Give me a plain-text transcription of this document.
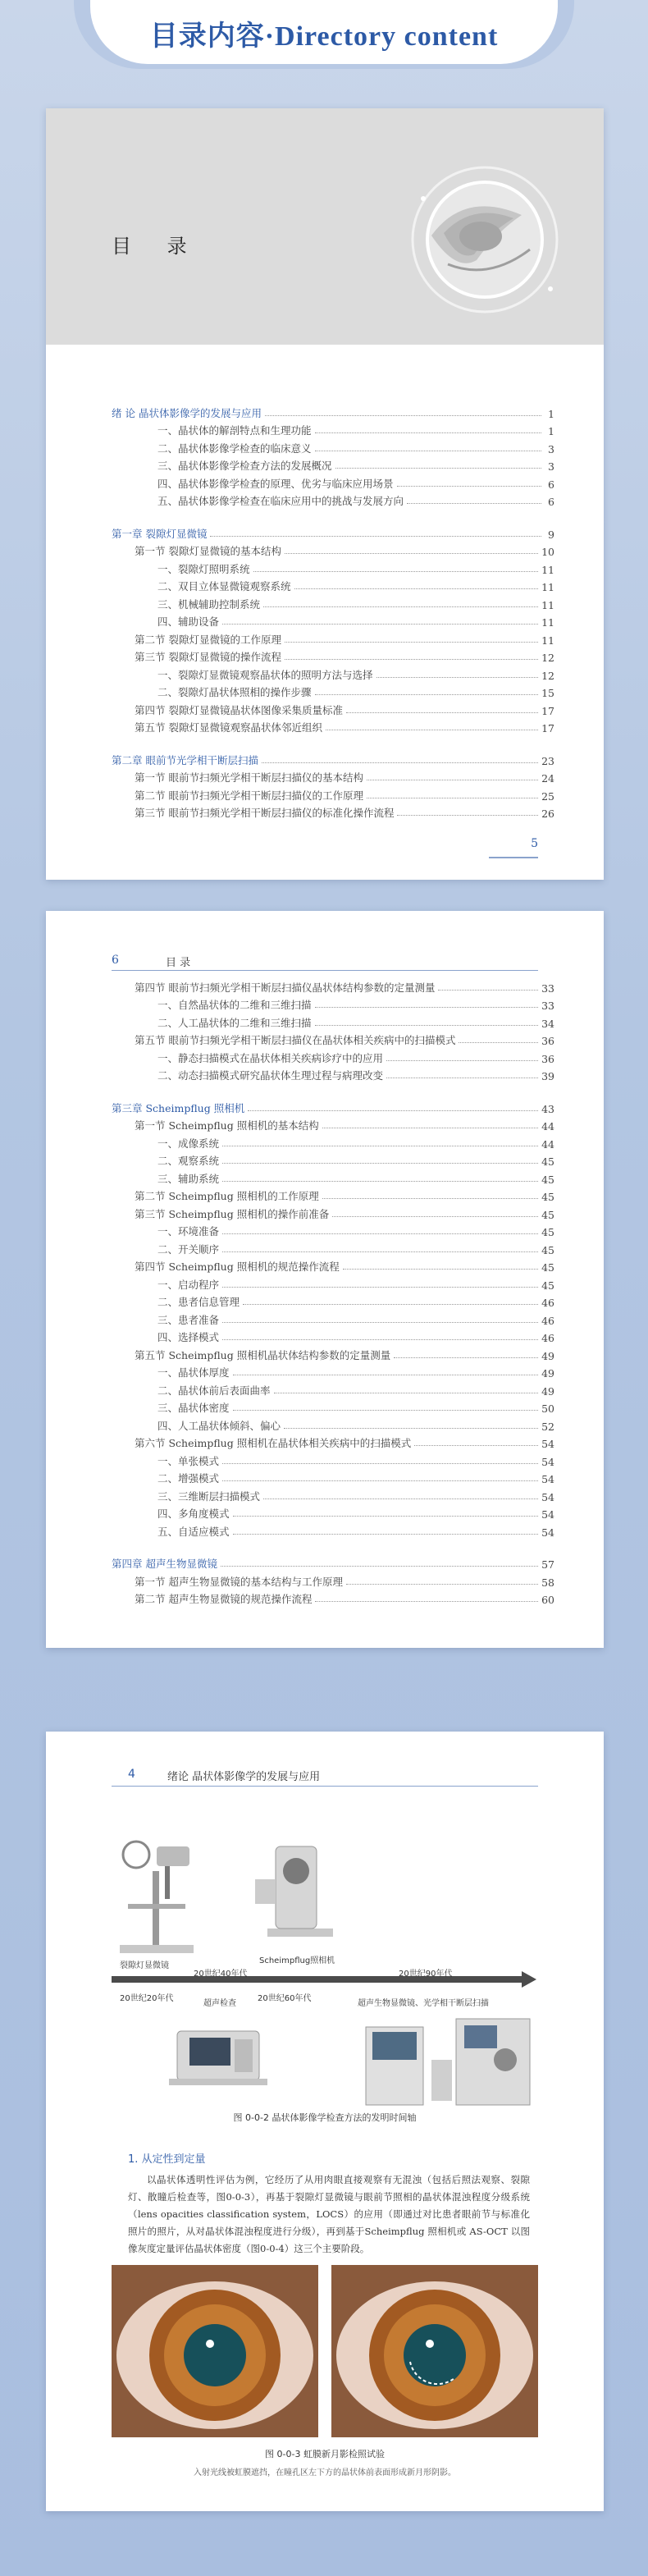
目录内容·Directory content
目 录
绪 论 晶状体影像学的发展与应用	1
一、晶状体的解剖特点和生理功能	1
二、晶状体影像学检查的临床意义	3
三、晶状体影像学检查方法的发展概况	3
四、晶状体影像学检查的原理、优劣与临床应用场景	6
五、晶状体影像学检查在临床应用中的挑战与发展方向	6
第一章 裂隙灯显微镜	9
第一节 裂隙灯显微镜的基本结构	10
一、裂隙灯照明系统	11
二、双目立体显微镜观察系统	11
三、机械辅助控制系统	11
四、辅助设备	11
第二节 裂隙灯显微镜的工作原理	11
第三节 裂隙灯显微镜的操作流程	12
一、裂隙灯显微镜观察晶状体的照明方法与选择	12
二、裂隙灯晶状体照相的操作步骤	15
第四节 裂隙灯显微镜晶状体图像采集质量标准	17
第五节 裂隙灯显微镜观察晶状体邻近组织	17
第二章 眼前节光学相干断层扫描	23
第一节 眼前节扫频光学相干断层扫描仪的基本结构	24
第二节 眼前节扫频光学相干断层扫描仪的工作原理	25
第三节 眼前节扫频光学相干断层扫描仪的标准化操作流程	26
5
6	目 录
第四节 眼前节扫频光学相干断层扫描仪晶状体结构参数的定量测量	33
一、自然晶状体的二维和三维扫描	33
二、人工晶状体的二维和三维扫描	34
第五节 眼前节扫频光学相干断层扫描仪在晶状体相关疾病中的扫描模式	36
一、静态扫描模式在晶状体相关疾病诊疗中的应用	36
二、动态扫描模式研究晶状体生理过程与病理改变	39
第三章 Scheimpflug 照相机	43
第一节 Scheimpflug 照相机的基本结构	44
一、成像系统	44
二、观察系统	45
三、辅助系统	45
第二节 Scheimpflug 照相机的工作原理	45
第三节 Scheimpflug 照相机的操作前准备	45
一、环境准备	45
二、开关顺序	45
第四节 Scheimpflug 照相机的规范操作流程	45
一、启动程序	45
二、患者信息管理	46
三、患者准备	46
四、选择模式	46
第五节 Scheimpflug 照相机晶状体结构参数的定量测量	49
一、晶状体厚度	49
二、晶状体前后表面曲率	49
三、晶状体密度	50
四、人工晶状体倾斜、偏心	52
第六节 Scheimpflug 照相机在晶状体相关疾病中的扫描模式	54
一、单张模式	54
二、增强模式	54
三、三维断层扫描模式	54
四、多角度模式	54
五、自适应模式	54
第四章 超声生物显微镜	57
第一节 超声生物显微镜的基本结构与工作原理	58
第二节 超声生物显微镜的规范操作流程	60
4	绪论 晶状体影像学的发展与应用
裂隙灯显微镜
20世纪20年代
20世纪40年代
超声检查
Scheimpflug照相机
20世纪60年代
20世纪90年代
超声生物显微镜、光学相干断层扫描
图 0-0-2 晶状体影像学检查方法的发明时间轴
1. 从定性到定量
以晶状体透明性评估为例，它经历了从用肉眼直接观察有无混浊（包括后照法观察、裂隙灯、散瞳后检查等，图0-0-3），再基于裂隙灯显微镜与眼前节照相的晶状体混浊程度分级系统（lens opacities classification system，LOCS）的应用（即通过对比患者眼前节与标准化照片的照片，从对晶状体混浊程度进行分级），再到基于Scheimpflug 照相机或 AS-OCT 以图像灰度定量评估晶状体密度（图0-0-4）这三个主要阶段。
图 0-0-3 虹膜新月影检照试验
入射光线被虹膜遮挡，在瞳孔区左下方的晶状体前表面形成新月形阴影。
